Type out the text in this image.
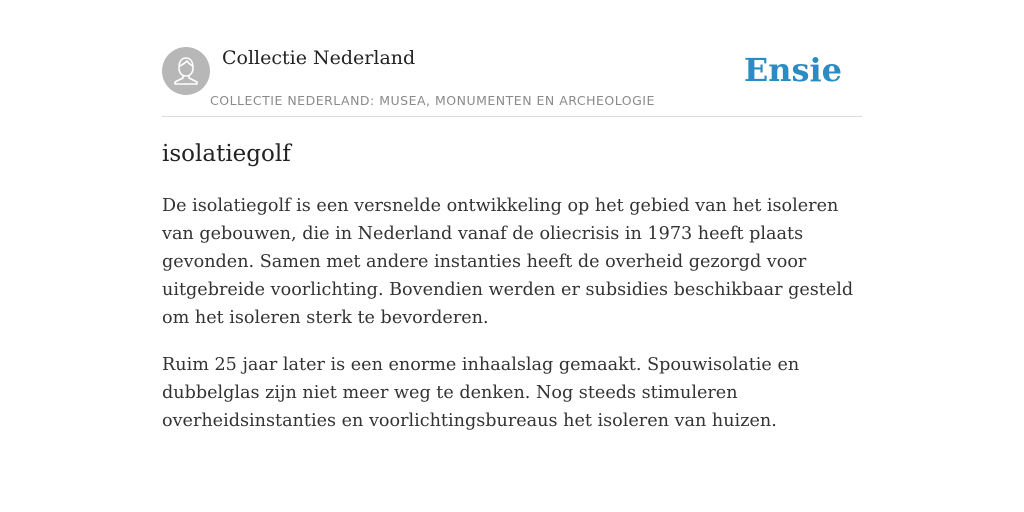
Collectie Nederland
COLLECTIE NEDERLAND: MUSEA, MONUMENTEN EN ARCHEOLOGIE
Ensie
isolatiegolf

De isolatiegolf is een versnelde ontwikkeling op het gebied van het isoleren van gebouwen, die in Nederland vanaf de oliecrisis in 1973 heeft plaats gevonden. Samen met andere instanties heeft de overheid gezorgd voor uitgebreide voorlichting. Bovendien werden er subsidies beschikbaar gesteld om het isoleren sterk te bevorderen.

Ruim 25 jaar later is een enorme inhaalslag gemaakt. Spouwisolatie en dubbelglas zijn niet meer weg te denken. Nog steeds stimuleren overheidsinstanties en voorlichtingsbureaus het isoleren van huizen.
